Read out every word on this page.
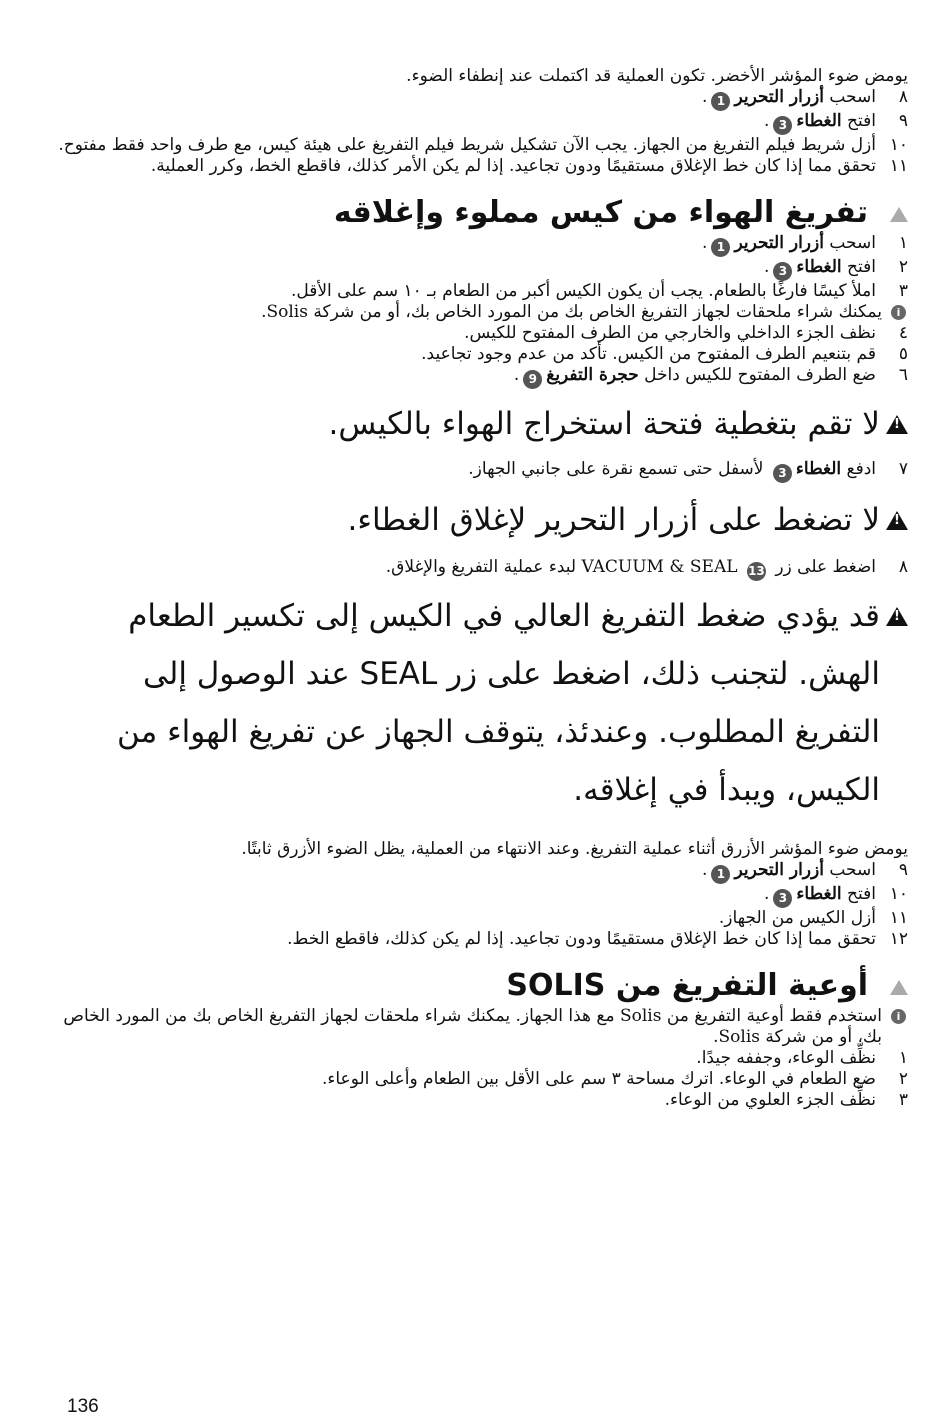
يومض ضوء المؤشر الأخضر. تكون العملية قد اكتملت عند إنطفاء الضوء.

٨
اسحب أزرار التحرير1.
٩
افتح الغطاء3.
١٠
أزل شريط فيلم التفريغ من الجهاز. يجب الآن تشكيل شريط فيلم التفريغ على هيئة كيس، مع طرف واحد فقط مفتوح.
١١
تحقق مما إذا كان خط الإغلاق مستقيمًا ودون تجاعيد. إذا لم يكن الأمر كذلك، فاقطع الخط، وكرر العملية.
تفريغ الهواء من كيس مملوء وإغلاقه
١
اسحب أزرار التحرير1.
٢
افتح الغطاء3.
٣
املأ كيسًا فارغًا بالطعام. يجب أن يكون الكيس أكبر من الطعام بـ ١٠ سم على الأقل.
i
يمكنك شراء ملحقات لجهاز التفريغ الخاص بك من المورد الخاص بك، أو من شركة Solis.
٤
نظف الجزء الداخلي والخارجي من الطرف المفتوح للكيس.
٥
قم بتنعيم الطرف المفتوح من الكيس. تأكد من عدم وجود تجاعيد.
٦
ضع الطرف المفتوح للكيس داخل حجرة التفريغ9.
!
لا تقم بتغطية فتحة استخراج الهواء بالكيس.
٧
ادفع الغطاء3 لأسفل حتى تسمع نقرة على جانبي الجهاز.
!
لا تضغط على أزرار التحرير لإغلاق الغطاء.
٨
اضغط على زر 13 VACUUM & SEAL لبدء عملية التفريغ والإغلاق.
!
قد يؤدي ضغط التفريغ العالي في الكيس إلى تكسير الطعام الهش. لتجنب ذلك، اضغط على زر SEAL عند الوصول إلى التفريغ المطلوب. وعندئذ، يتوقف الجهاز عن تفريغ الهواء من الكيس، ويبدأ في إغلاقه.

يومض ضوء المؤشر الأزرق أثناء عملية التفريغ. وعند الانتهاء من العملية، يظل الضوء الأزرق ثابتًا.

٩
اسحب أزرار التحرير1.
١٠
افتح الغطاء3.
١١
أزل الكيس من الجهاز.
١٢
تحقق مما إذا كان خط الإغلاق مستقيمًا ودون تجاعيد. إذا لم يكن كذلك، فاقطع الخط.
أوعية التفريغ من SOLIS
i
استخدم فقط أوعية التفريغ من Solis مع هذا الجهاز. يمكنك شراء ملحقات لجهاز التفريغ الخاص بك من المورد الخاص بك، أو من شركة Solis.
١
نظِّف الوعاء، وجففه جيدًا.
٢
ضع الطعام في الوعاء. اترك مساحة ٣ سم على الأقل بين الطعام وأعلى الوعاء.
٣
نظِّف الجزء العلوي من الوعاء.
136
